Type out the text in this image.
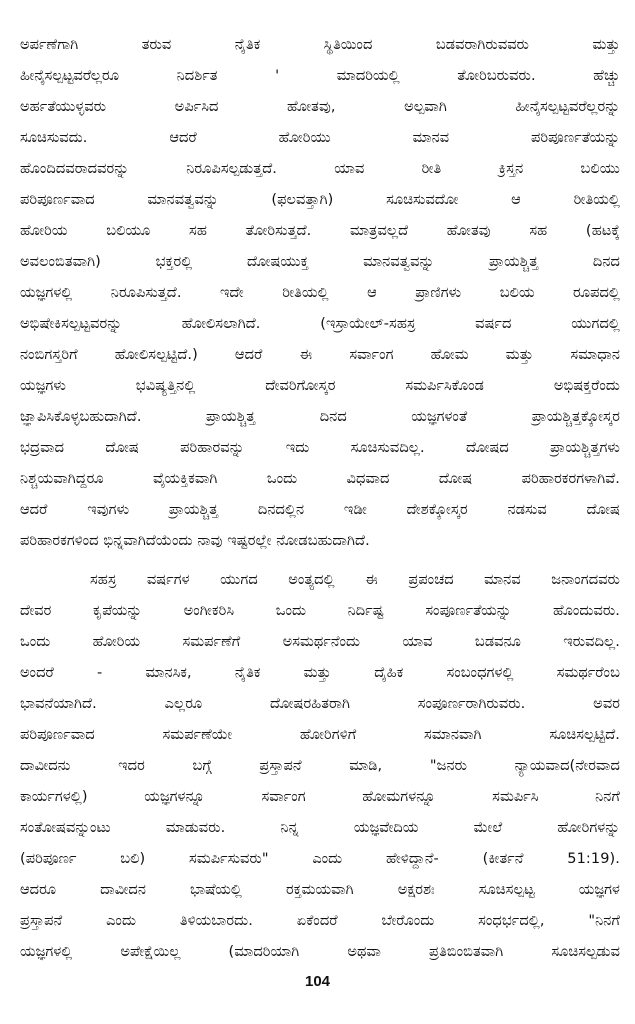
ಅರ್ಪಣೆಗಾಗಿ ತರುವ ನೈತಿಕ ಸ್ಥಿತಿಯಿಂದ ಬಡವರಾಗಿರುವವರು ಮತ್ತು
ಹೀನೈಸಲ್ಪಟ್ಟವರೆಲ್ಲರೂ ನಿದರ್ಶಿತ ' ಮಾದರಿಯಲ್ಲಿ ತೋರಿಬರುವರು. ಹೆಚ್ಚು
ಅರ್ಹತೆಯುಳ್ಳವರು ಅರ್ಪಿಸಿದ ಹೋತವು, ಅಲ್ಪವಾಗಿ ಹೀನೈಸಲ್ಪಟ್ಟವರೆಲ್ಲರನ್ನು
ಸೂಚಿಸುವದು. ಆದರೆ ಹೋರಿಯು ಮಾನವ ಪರಿಪೂರ್ಣತೆಯನ್ನು
ಹೊಂದಿದವರಾದವರನ್ನು ನಿರೂಪಿಸಲ್ಪಡುತ್ತದೆ. ಯಾವ ರೀತಿ ಕ್ರಿಸ್ತನ ಬಲಿಯು
ಪರಿಪೂರ್ಣವಾದ ಮಾನವತ್ವವನ್ನು (ಫಲವತ್ತಾಗಿ) ಸೂಚಿಸುವದೋ ಆ ರೀತಿಯಲ್ಲಿ
ಹೋರಿಯ ಬಲಿಯೂ ಸಹ ತೋರಿಸುತ್ತದೆ. ಮಾತ್ರವಲ್ಲದೆ ಹೋತವು ಸಹ (ಹಟಕ್ಕೆ
ಅವಲಂಬಿತವಾಗಿ) ಭಕ್ತರಲ್ಲಿ ದೋಷಯುಕ್ತ ಮಾನವತ್ವವನ್ನು ಪ್ರಾಯಶ್ಚಿತ್ತ ದಿನದ
ಯಜ್ಞಗಳಲ್ಲಿ ನಿರೂಪಿಸುತ್ತದೆ. ಇದೇ ರೀತಿಯಲ್ಲಿ ಆ ಪ್ರಾಣಿಗಳು ಬಲಿಯ ರೂಪದಲ್ಲಿ
ಅಭಿಷೇಕಿಸಲ್ಪಟ್ಟವರನ್ನು ಹೋಲಿಸಲಾಗಿದೆ. (ಇಸ್ರಾಯೇಲ್-ಸಹಸ್ರ ವರ್ಷದ ಯುಗದಲ್ಲಿ
ನಂಬಿಗಸ್ತರಿಗೆ ಹೋಲಿಸಲ್ಪಟ್ಟಿದೆ.) ಆದರೆ ಈ ಸರ್ವಾಂಗ ಹೋಮ ಮತ್ತು ಸಮಾಧಾನ
ಯಜ್ಞಗಳು ಭವಿಷ್ಯತ್ತಿನಲ್ಲಿ ದೇವರಿಗೋಸ್ಕರ ಸಮರ್ಪಿಸಿಕೊಂಡ ಅಭಿಷಕ್ತರೆಂದು
ಜ್ಞಾಪಿಸಿಕೊಳ್ಳಬಹುದಾಗಿದೆ. ಪ್ರಾಯಶ್ಚಿತ್ತ ದಿನದ ಯಜ್ಞಗಳಂತೆ ಪ್ರಾಯಶ್ಚಿತ್ತಕ್ಕೋಸ್ಕರ
ಭದ್ರವಾದ ದೋಷ ಪರಿಹಾರವನ್ನು ಇದು ಸೂಚಿಸುವದಿಲ್ಲ. ದೋಷದ ಪ್ರಾಯಶ್ಚಿತ್ತಗಳು
ನಿಶ್ಚಯವಾಗಿದ್ದರೂ ವೈಯಕ್ತಿಕವಾಗಿ ಒಂದು ವಿಧವಾದ ದೋಷ ಪರಿಹಾರಕರಗಳಾಗಿವೆ.
ಆದರೆ ಇವುಗಳು ಪ್ರಾಯಶ್ಚಿತ್ತ ದಿನದಲ್ಲಿನ ಇಡೀ ದೇಶಕ್ಕೋಸ್ಕರ ನಡಸುವ ದೋಷ
ಪರಿಹಾರಕಗಳಿಂದ ಭಿನ್ನವಾಗಿದೆಯೆಂದು ನಾವು ಇಷ್ಟರಲ್ಲೇ ನೋಡಬಹುದಾಗಿದೆ.
ಸಹಸ್ರ ವರ್ಷಗಳ ಯುಗದ ಅಂತ್ಯದಲ್ಲಿ ಈ ಪ್ರಪಂಚದ ಮಾನವ ಜನಾಂಗದವರು
ದೇವರ ಕೃಪೆಯನ್ನು ಅಂಗೀಕರಿಸಿ ಒಂದು ನಿರ್ದಿಷ್ಟ ಸಂಪೂರ್ಣತೆಯನ್ನು ಹೊಂದುವರು.
ಒಂದು ಹೋರಿಯ ಸಮರ್ಪಣೆಗೆ ಅಸಮರ್ಥನೆಂದು ಯಾವ ಬಡವನೂ ಇರುವದಿಲ್ಲ.
ಅಂದರೆ - ಮಾನಸಿಕ, ನೈತಿಕ ಮತ್ತು ದೈಹಿಕ ಸಂಬಂಧಗಳಲ್ಲಿ ಸಮರ್ಥರೆಂಬ
ಭಾವನೆಯಾಗಿದೆ. ಎಲ್ಲರೂ ದೋಷರಹಿತರಾಗಿ ಸಂಪೂರ್ಣರಾಗಿರುವರು. ಅವರ
ಪರಿಪೂರ್ಣವಾದ ಸಮರ್ಪಣೆಯೇ ಹೋರಿಗಳಿಗೆ ಸಮಾನವಾಗಿ ಸೂಚಿಸಲ್ಪಟ್ಟಿದೆ.
ದಾವೀದನು ಇದರ ಬಗ್ಗೆ ಪ್ರಸ್ತಾಪನೆ ಮಾಡಿ, "ಜನರು ನ್ಯಾಯವಾದ(ನೇರವಾದ
ಕಾರ್ಯಗಳಲ್ಲಿ) ಯಜ್ಞಗಳನ್ನೂ ಸರ್ವಾಂಗ ಹೋಮಗಳನ್ನೂ ಸಮರ್ಪಿಸಿ ನಿನಗೆ
ಸಂತೋಷವನ್ನುಂಟು ಮಾಡುವರು. ನಿನ್ನ ಯಜ್ಞವೇದಿಯ ಮೇಲೆ ಹೋರಿಗಳನ್ನು
(ಪರಿಪೂರ್ಣ ಬಲಿ) ಸಮರ್ಪಿಸುವರು" ಎಂದು ಹೇಳಿದ್ದಾನೆ- (ಕೀರ್ತನೆ 51:19).
ಆದರೂ ದಾವೀದನ ಭಾಷೆಯಲ್ಲಿ ರಕ್ತಮಯವಾಗಿ ಅಕ್ಷರಶಃ ಸೂಚಿಸಲ್ಪಟ್ಟ ಯಜ್ಞಗಳ
ಪ್ರಸ್ತಾಪನೆ ಎಂದು ತಿಳಿಯಬಾರದು. ಏಕೆಂದರೆ ಬೇರೊಂದು ಸಂಧರ್ಭದಲ್ಲಿ, "ನಿನಗೆ
ಯಜ್ಞಗಳಲ್ಲಿ ಅಪೇಕ್ಷೆಯಿಲ್ಲ (ಮಾದರಿಯಾಗಿ ಅಥವಾ ಪ್ರತಿಬಿಂಬಿತವಾಗಿ ಸೂಚಿಸಲ್ಪಡುವ
104
